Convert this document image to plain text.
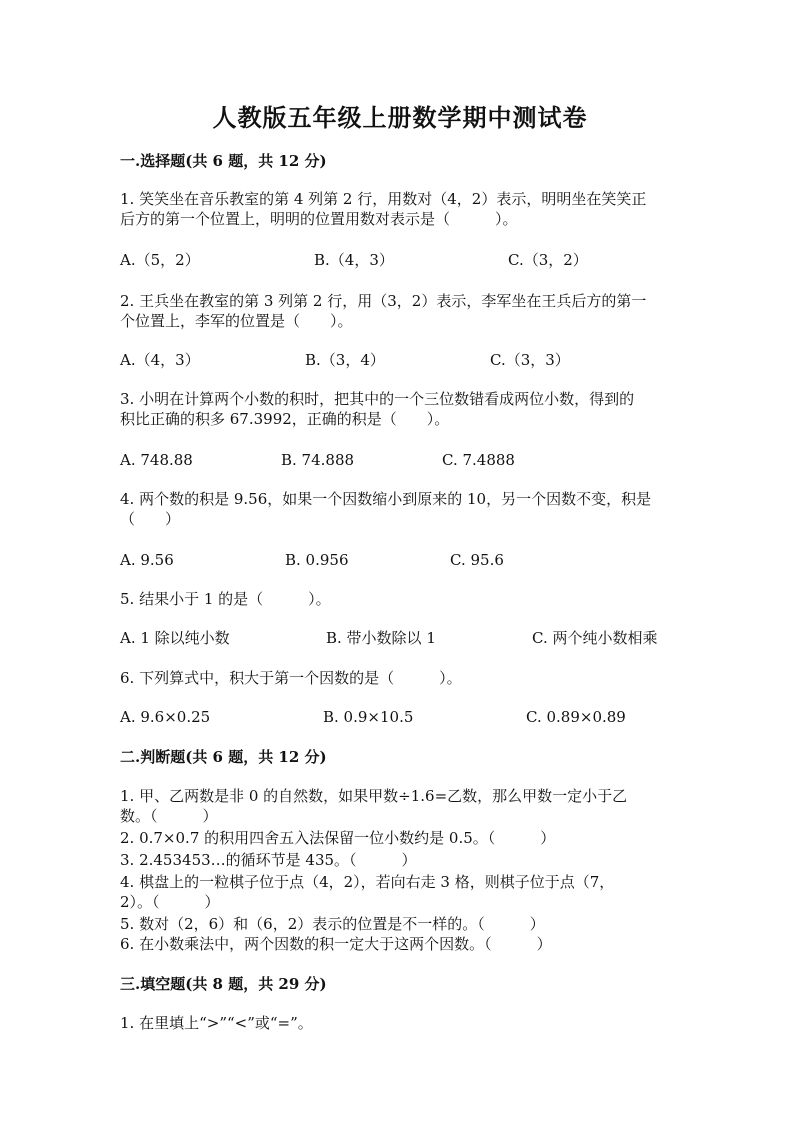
人教版五年级上册数学期中测试卷
一.选择题(共 6 题，共 12 分)
1. 笑笑坐在音乐教室的第 4 列第 2 行，用数对（4，2）表示，明明坐在笑笑正
后方的第一个位置上，明明的位置用数对表示是（　　　）。
A.（5，2）	B.（4，3）	C.（3，2）
2. 王兵坐在教室的第 3 列第 2 行，用（3，2）表示，李军坐在王兵后方的第一
个位置上，李军的位置是（　　）。
A.（4，3）	B.（3，4）	C.（3，3）
3. 小明在计算两个小数的积时，把其中的一个三位数错看成两位小数，得到的
积比正确的积多 67.3992，正确的积是（　　）。
A. 748.88	B. 74.888	C. 7.4888
4. 两个数的积是 9.56，如果一个因数缩小到原来的 10，另一个因数不变，积是
（　　）
A. 9.56	B. 0.956	C. 95.6
5. 结果小于 1 的是（　　　）。
A. 1 除以纯小数	B. 带小数除以 1	C. 两个纯小数相乘
6. 下列算式中，积大于第一个因数的是（　　　）。
A. 9.6×0.25	B. 0.9×10.5	C. 0.89×0.89
二.判断题(共 6 题，共 12 分)
1. 甲、乙两数是非 0 的自然数，如果甲数÷1.6=乙数，那么甲数一定小于乙
数。（　　　）
2. 0.7×0.7 的积用四舍五入法保留一位小数约是 0.5。（　　　）
3. 2.453453…的循环节是 435。（　　　）
4. 棋盘上的一粒棋子位于点（4，2），若向右走 3 格，则棋子位于点（7，
2）。（　　　）
5. 数对（2，6）和（6，2）表示的位置是不一样的。（　　　）
6. 在小数乘法中，两个因数的积一定大于这两个因数。（　　　）
三.填空题(共 8 题，共 29 分)
1. 在里填上“>”“<”或“=”。
